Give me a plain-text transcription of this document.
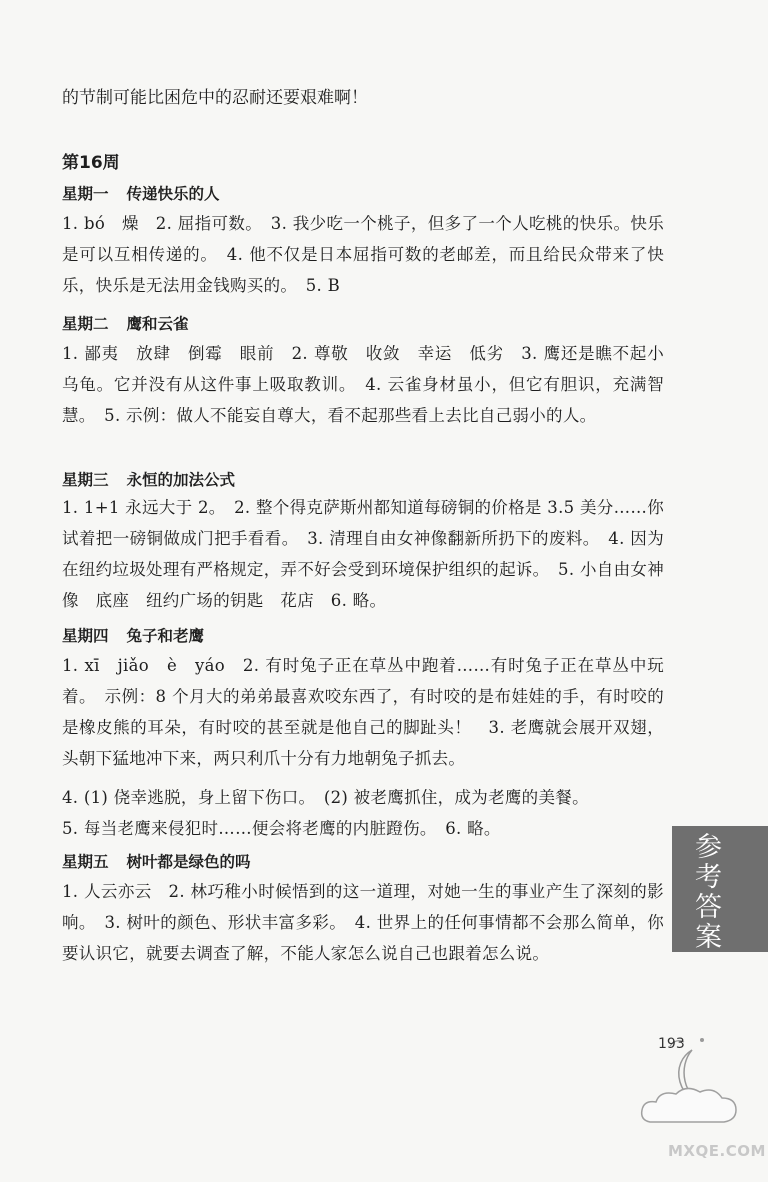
的节制可能比困危中的忍耐还要艰难啊！

第16周
星期一 传递快乐的人

1. bó　燥　2. 屈指可数。　3. 我少吃一个桃子，但多了一个人吃桃的快乐。快乐是可以互相传递的。　4. 他不仅是日本屈指可数的老邮差，而且给民众带来了快乐，快乐是无法用金钱购买的。　5. B

星期二 鹰和云雀

1. 鄙夷　放肆　倒霉　眼前　2. 尊敬　收敛　幸运　低劣　3. 鹰还是瞧不起小乌龟。它并没有从这件事上吸取教训。　4. 云雀身材虽小，但它有胆识，充满智慧。　5. 示例：做人不能妄自尊大，看不起那些看上去比自己弱小的人。

星期三 永恒的加法公式

1. 1+1 永远大于 2。　2. 整个得克萨斯州都知道每磅铜的价格是 3.5 美分……你试着把一磅铜做成门把手看看。　3. 清理自由女神像翻新所扔下的废料。　4. 因为在纽约垃圾处理有严格规定，弄不好会受到环境保护组织的起诉。　5. 小自由女神像　底座　纽约广场的钥匙　花店　6. 略。

星期四 兔子和老鹰

1. xī　jiǎo　è　yáo　2. 有时兔子正在草丛中跑着……有时兔子正在草丛中玩着。　示例：8 个月大的弟弟最喜欢咬东西了，有时咬的是布娃娃的手，有时咬的是橡皮熊的耳朵，有时咬的甚至就是他自己的脚趾头！　3. 老鹰就会展开双翅，头朝下猛地冲下来，两只利爪十分有力地朝兔子抓去。

4. (1) 侥幸逃脱，身上留下伤口。　(2) 被老鹰抓住，成为老鹰的美餐。

5. 每当老鹰来侵犯时……便会将老鹰的内脏蹬伤。　6. 略。

星期五 树叶都是绿色的吗

1. 人云亦云　2. 林巧稚小时候悟到的这一道理，对她一生的事业产生了深刻的影响。　3. 树叶的颜色、形状丰富多彩。　4. 世界上的任何事情都不会那么简单，你要认识它，就要去调查了解，不能人家怎么说自己也跟着怎么说。

参考答案
193
MXQE.COM
